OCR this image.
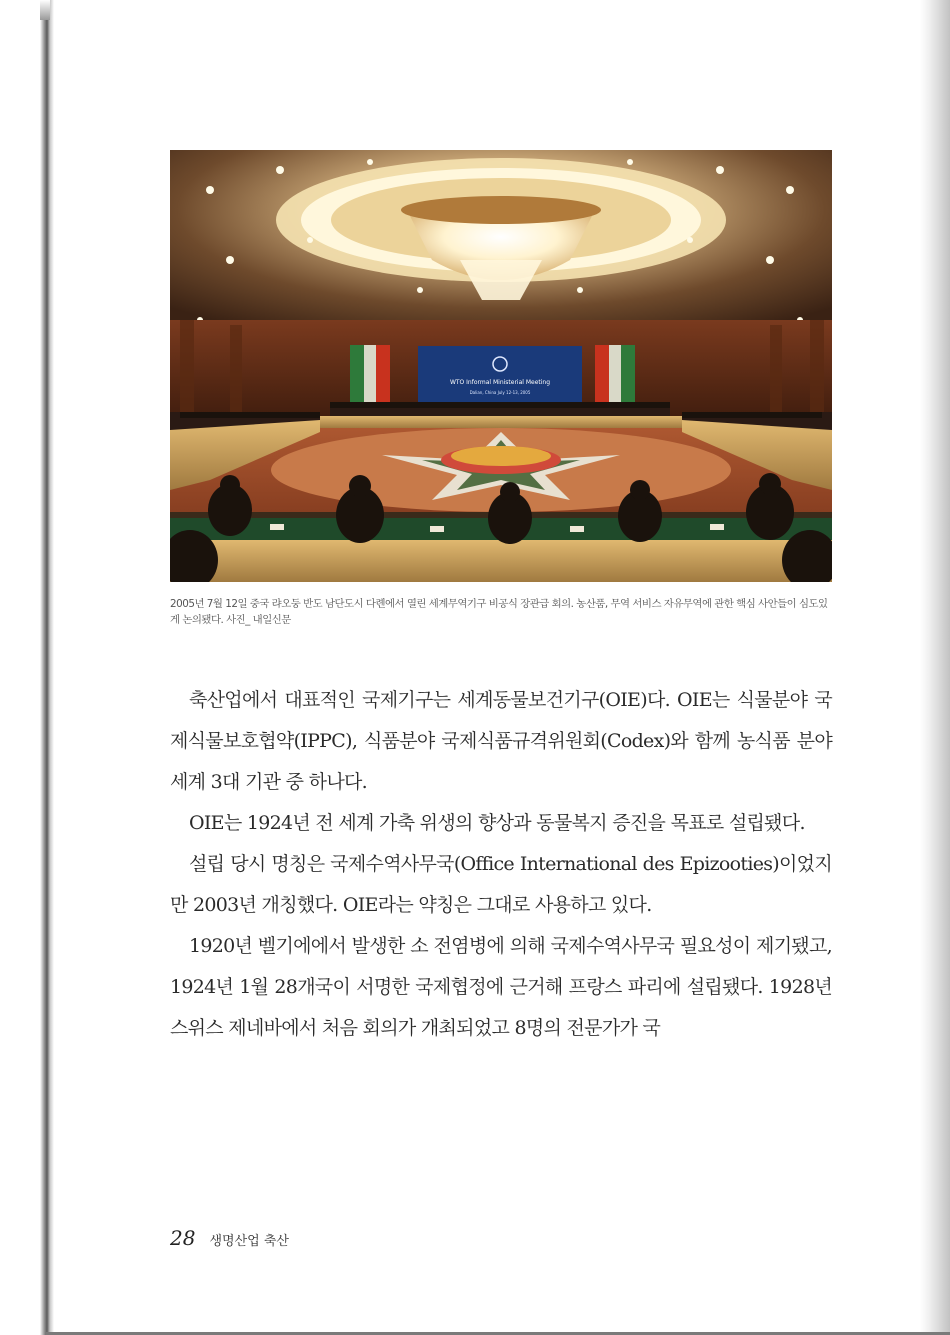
WTO Informal Ministerial Meeting
Dalian, China July 12-13, 2005
2005년 7월 12일 중국 랴오둥 반도 남단도시 다롄에서 열린 세계무역기구 비공식 장관급 회의. 농산품, 무역 서비스 자유무역에 관한 핵심 사안들이 심도있게 논의됐다. 사진_ 내일신문

축산업에서 대표적인 국제기구는 세계동물보건기구(OIE)다. OIE는 식물분야 국제식물보호협약(IPPC), 식품분야 국제식품규격위원회(Codex)와 함께 농식품 분야 세계 3대 기관 중 하나다.

OIE는 1924년 전 세계 가축 위생의 향상과 동물복지 증진을 목표로 설립됐다.

설립 당시 명칭은 국제수역사무국(Office International des Epizooties)이었지만 2003년 개칭했다. OIE라는 약칭은 그대로 사용하고 있다.

1920년 벨기에에서 발생한 소 전염병에 의해 국제수역사무국 필요성이 제기됐고, 1924년 1월 28개국이 서명한 국제협정에 근거해 프랑스 파리에 설립됐다. 1928년 스위스 제네바에서 처음 회의가 개최되었고 8명의 전문가가 국

28 생명산업 축산
